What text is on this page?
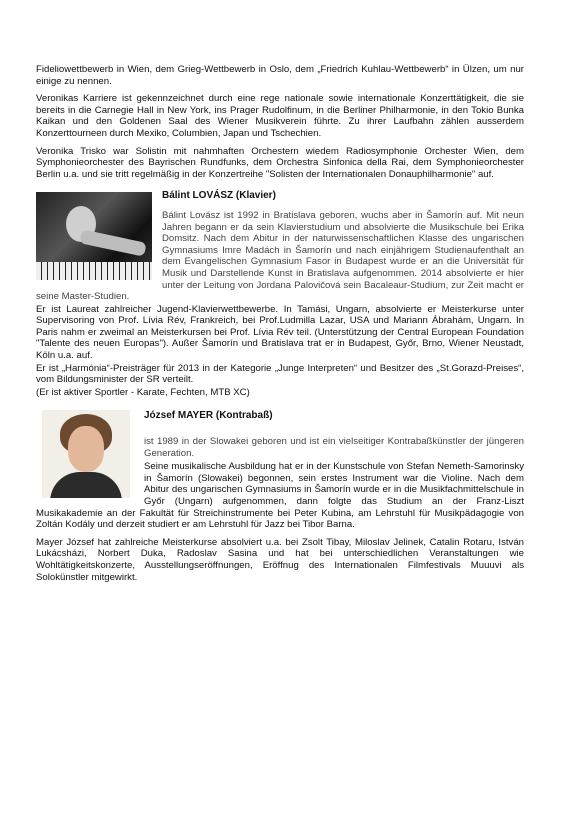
Fideliowettbewerb in Wien, dem Grieg-Wettbewerb in Oslo, dem „Friedrich Kuhlau-Wettbewerb“ in Ülzen, um nur einige zu nennen.

Veronikas Karriere ist gekennzeichnet durch eine rege nationale sowie internationale Konzerttätigkeit, die sie bereits in die Carnegie Hall in New York, ins Prager Rudolfinum, in die Berliner Philharmonie, in den Tokio Bunka Kaikan und den Goldenen Saal des Wiener Musikverein führte. Zu ihrer Laufbahn zählen ausserdem Konzerttourneen durch Mexiko, Columbien, Japan und Tschechien.

Veronika Trisko war Solistin mit nahmhaften Orchestern wiedem Radiosymphonie Orchester Wien, dem Symphonieorchester des Bayrischen Rundfunks, dem Orchestra Sinfonica della Rai, dem Symphonieorchester Berlin u.a. und sie tritt regelmäßig in der Konzertreihe "Solisten der Internationalen Donauphilharmonie" auf.

Bálint LOVÁSZ (Klavier)

Bálint Lovász ist 1992 in Bratislava geboren, wuchs aber in Šamorín auf. Mit neun Jahren begann er da sein Klavierstudium und absolvierte die Musikschule bei Erika Domsitz. Nach dem Abitur in der naturwissenschaftlichen Klasse des ungarischen Gymnasiums Imre Madách in Šamorín und nach einjährigem Studienaufenthalt an dem Evangelischen Gymnasium Fasor in Budapest wurde er an die Universität für Musik und Darstellende Kunst in Bratislava aufgenommen. 2014 absolvierte er hier unter der Leitung von Jordana Palovičová sein Bacaleaur-Studium, zur Zeit macht er seine Master-Studien.

Er ist Laureat zahlreicher Jugend-Klavierwettbewerbe. In Tamási, Ungarn, absolvierte er Meisterkurse unter Supervisoring von Prof. Lívia Rév, Frankreich, bei Prof.Ludmilla Lazar, USA und Mariann Ábrahám, Ungarn. In Paris nahm er zweimal an Meisterkursen bei Prof. Lívia Rév teil. (Unterstützung der Central European Foundation "Talente des neuen Europas"). Außer Šamorín und Bratislava trat er in Budapest, Győr, Brno, Wiener Neustadt, Köln u.a. auf.

Er ist „Harmónia“-Preisträger für 2013 in der Kategorie „Junge Interpreten“ und Besitzer des „St.Gorazd-Preises“, vom Bildungsminister der SR verteilt.

(Er ist aktiver Sportler - Karate, Fechten, MTB XC)

József MAYER (Kontrabaß)

ist 1989 in der Slowakei geboren und ist ein vielseitiger Kontrabaßkünstler der jüngeren Generation.

Seine musikalische Ausbildung hat er in der Kunstschule von Stefan Nemeth-Samorinsky in Šamorín (Slowakei) begonnen, sein erstes Instrument war die Violine. Nach dem Abitur des ungarischen Gymnasiums in Šamorín wurde er in die Musikfachmittelschule in Győr (Ungarn) aufgenommen, dann folgte das Studium an der Franz-Liszt Musikakademie an der Fakultät für Streichinstrumente bei Peter Kubina, am Lehrstuhl für Musikpädagogie von Zoltán Kodály und derzeit studiert er am Lehrstuhl für Jazz bei Tibor Barna.

Mayer József hat zahlreiche Meisterkurse absolviert u.a. bei Zsolt Tibay, Miloslav Jelinek, Catalin Rotaru, István Lukácsházi, Norbert Duka, Radoslav Sasina und hat bei unterschiedlichen Veranstaltungen wie Wohltätigkeitskonzerte, Ausstellungseröffnungen, Eröffnug des Internationalen Filmfestivals Muuuvi als Solokünstler mitgewirkt.
